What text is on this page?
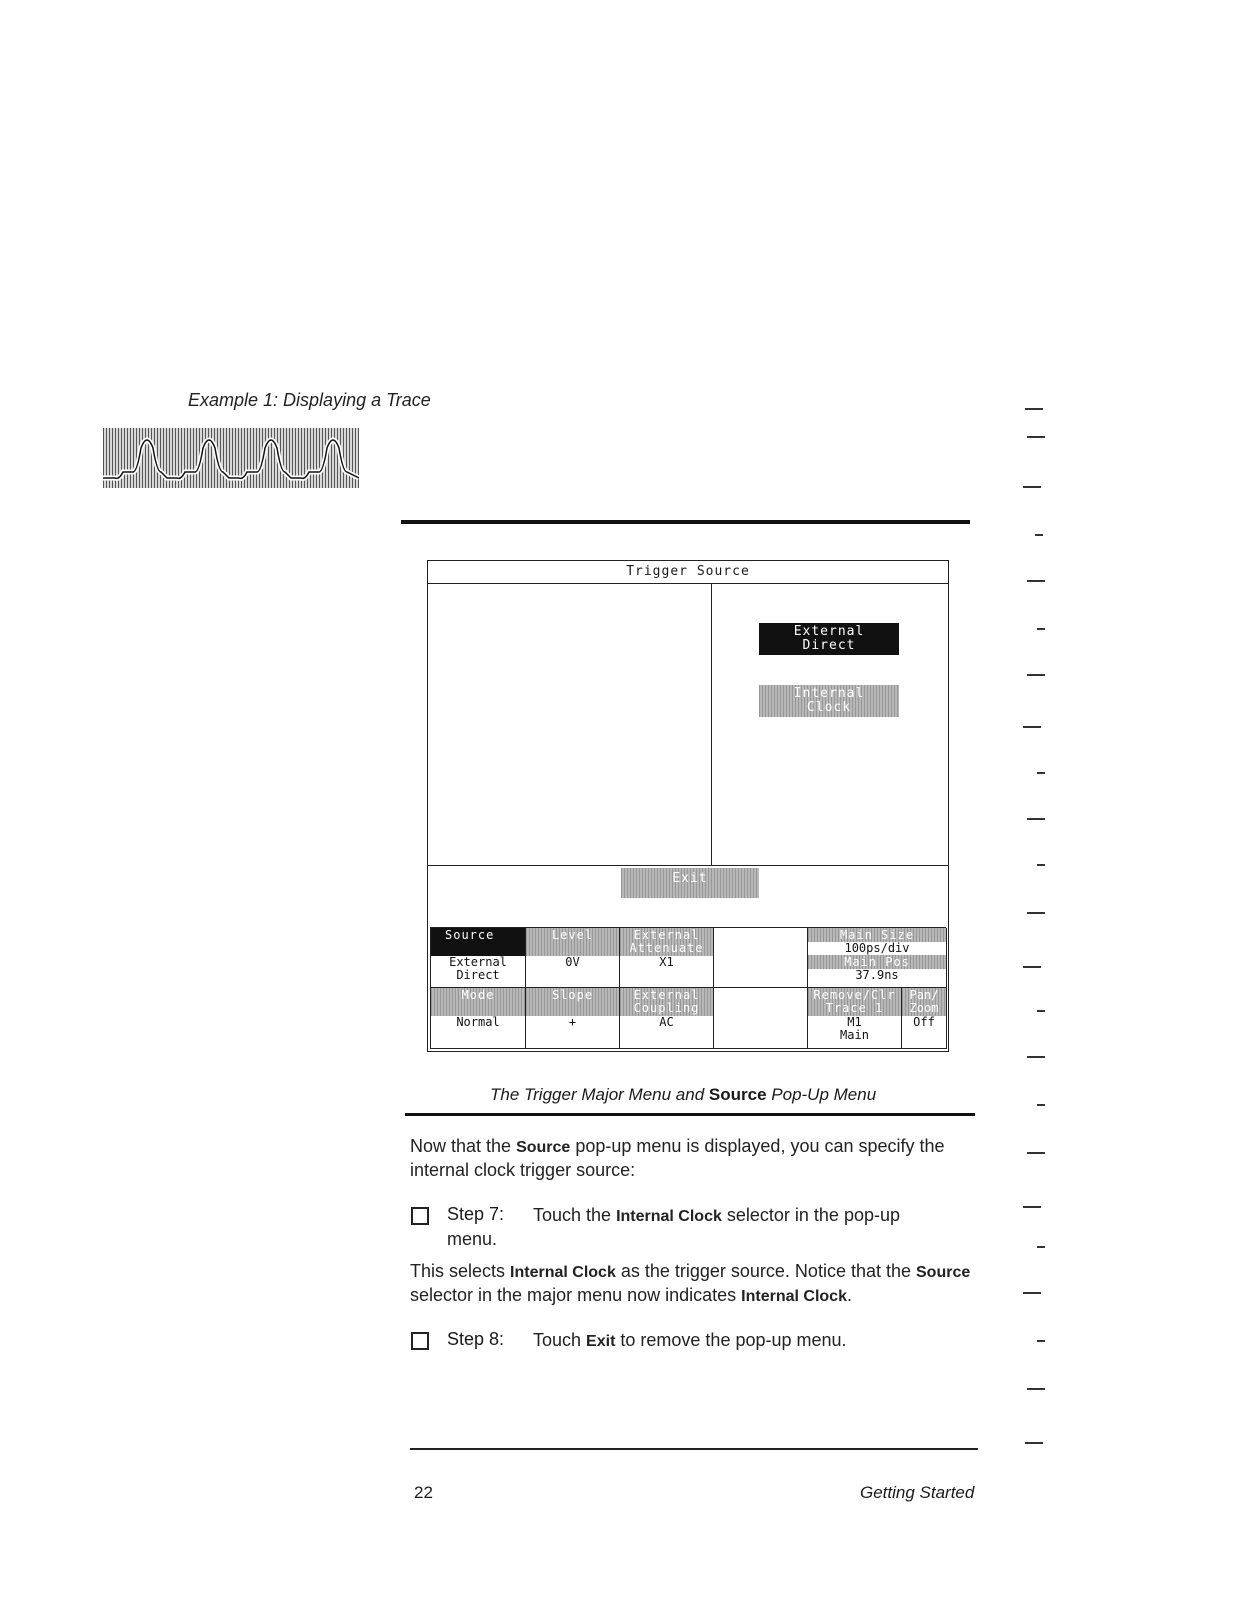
Example 1: Displaying a Trace
Trigger Source
External
Direct
Internal
Clock
Exit
Source
External
Direct
Level
0V
External
Attenuate
X1
Main Size
100ps/div
Main Pos
37.9ns
Mode
Normal
Slope
+
External
Coupling
AC
Remove/Clr
Trace 1
M1
Main
Pan/
Zoom
Off
The Trigger Major Menu and Source Pop-Up Menu
Now that the Source pop-up menu is displayed, you can specify the internal clock trigger source:
Step 7:	Touch the Internal Clock selector in the pop-up menu.
This selects Internal Clock as the trigger source. Notice that the Source selector in the major menu now indicates Internal Clock.
Step 8: Touch Exit to remove the pop-up menu.
22	Getting Started
